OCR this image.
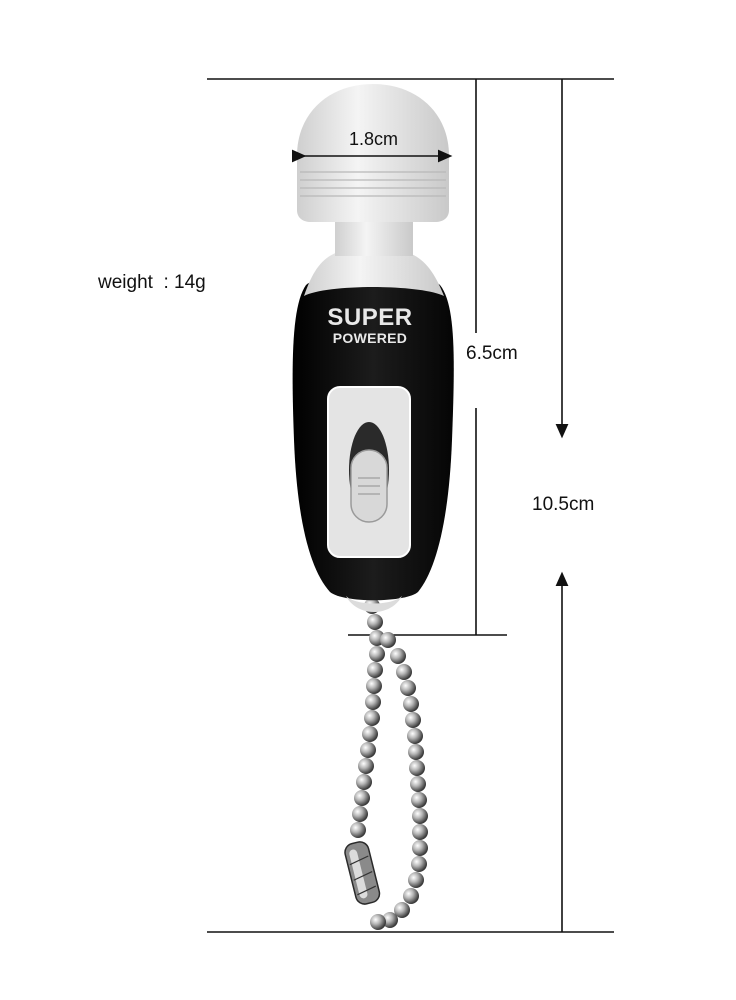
SUPER
POWERED
weight  : 14g
1.8cm
6.5cm
10.5cm
